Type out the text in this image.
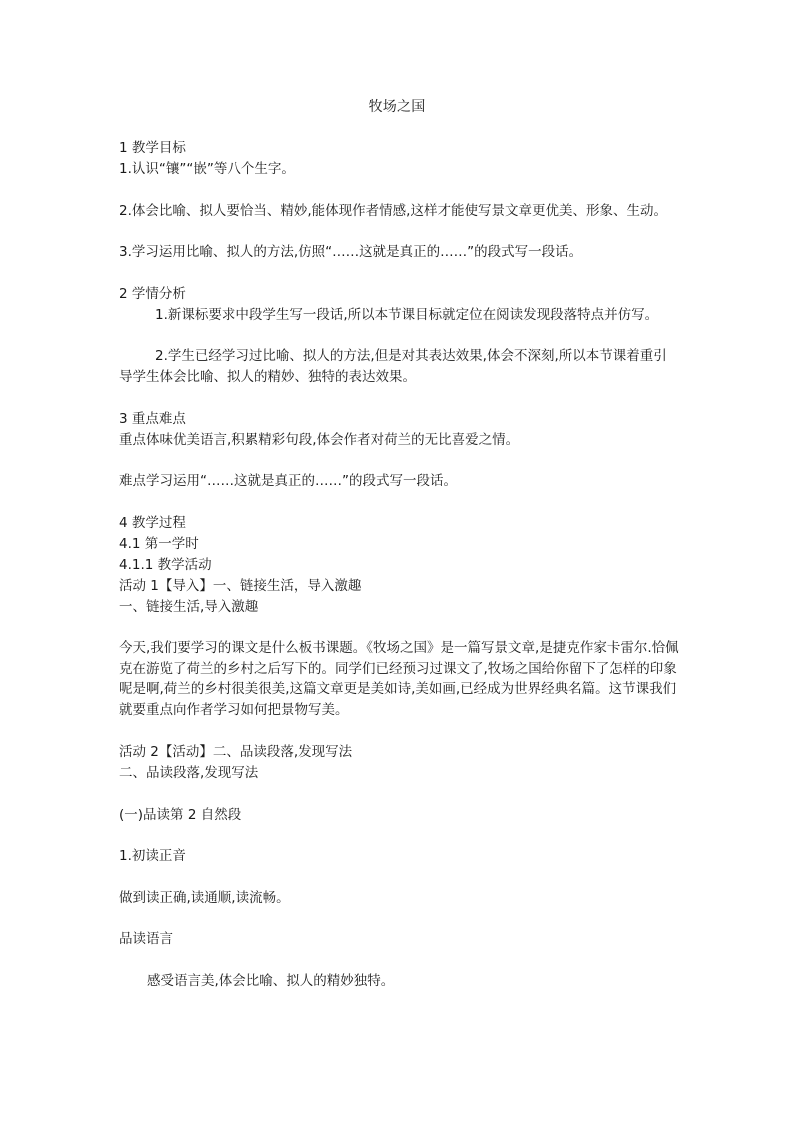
牧场之国
1 教学目标
1.认识“镶”“嵌”等八个生字。
2.体会比喻、拟人要恰当、精妙,能体现作者情感,这样才能使写景文章更优美、形象、生动。
3.学习运用比喻、拟人的方法,仿照“……这就是真正的……”的段式写一段话。
2 学情分析
1.新课标要求中段学生写一段话,所以本节课目标就定位在阅读发现段落特点并仿写。
2.学生已经学习过比喻、拟人的方法,但是对其表达效果,体会不深刻,所以本节课着重引
导学生体会比喻、拟人的精妙、独特的表达效果。
3 重点难点
重点体味优美语言,积累精彩句段,体会作者对荷兰的无比喜爱之情。
难点学习运用“……这就是真正的……”的段式写一段话。
4 教学过程
4.1 第一学时
4.1.1 教学活动
活动 1【导入】一、链接生活，导入激趣
一、链接生活,导入激趣
今天,我们要学习的课文是什么板书课题。《牧场之国》是一篇写景文章,是捷克作家卡雷尔.恰佩克在游览了荷兰的乡村之后写下的。同学们已经预习过课文了,牧场之国给你留下了怎样的印象呢是啊,荷兰的乡村很美很美,这篇文章更是美如诗,美如画,已经成为世界经典名篇。这节课我们就要重点向作者学习如何把景物写美。
活动 2【活动】二、品读段落,发现写法
二、品读段落,发现写法
(一)品读第 2 自然段
1.初读正音
做到读正确,读通顺,读流畅。
品读语言
感受语言美,体会比喻、拟人的精妙独特。
